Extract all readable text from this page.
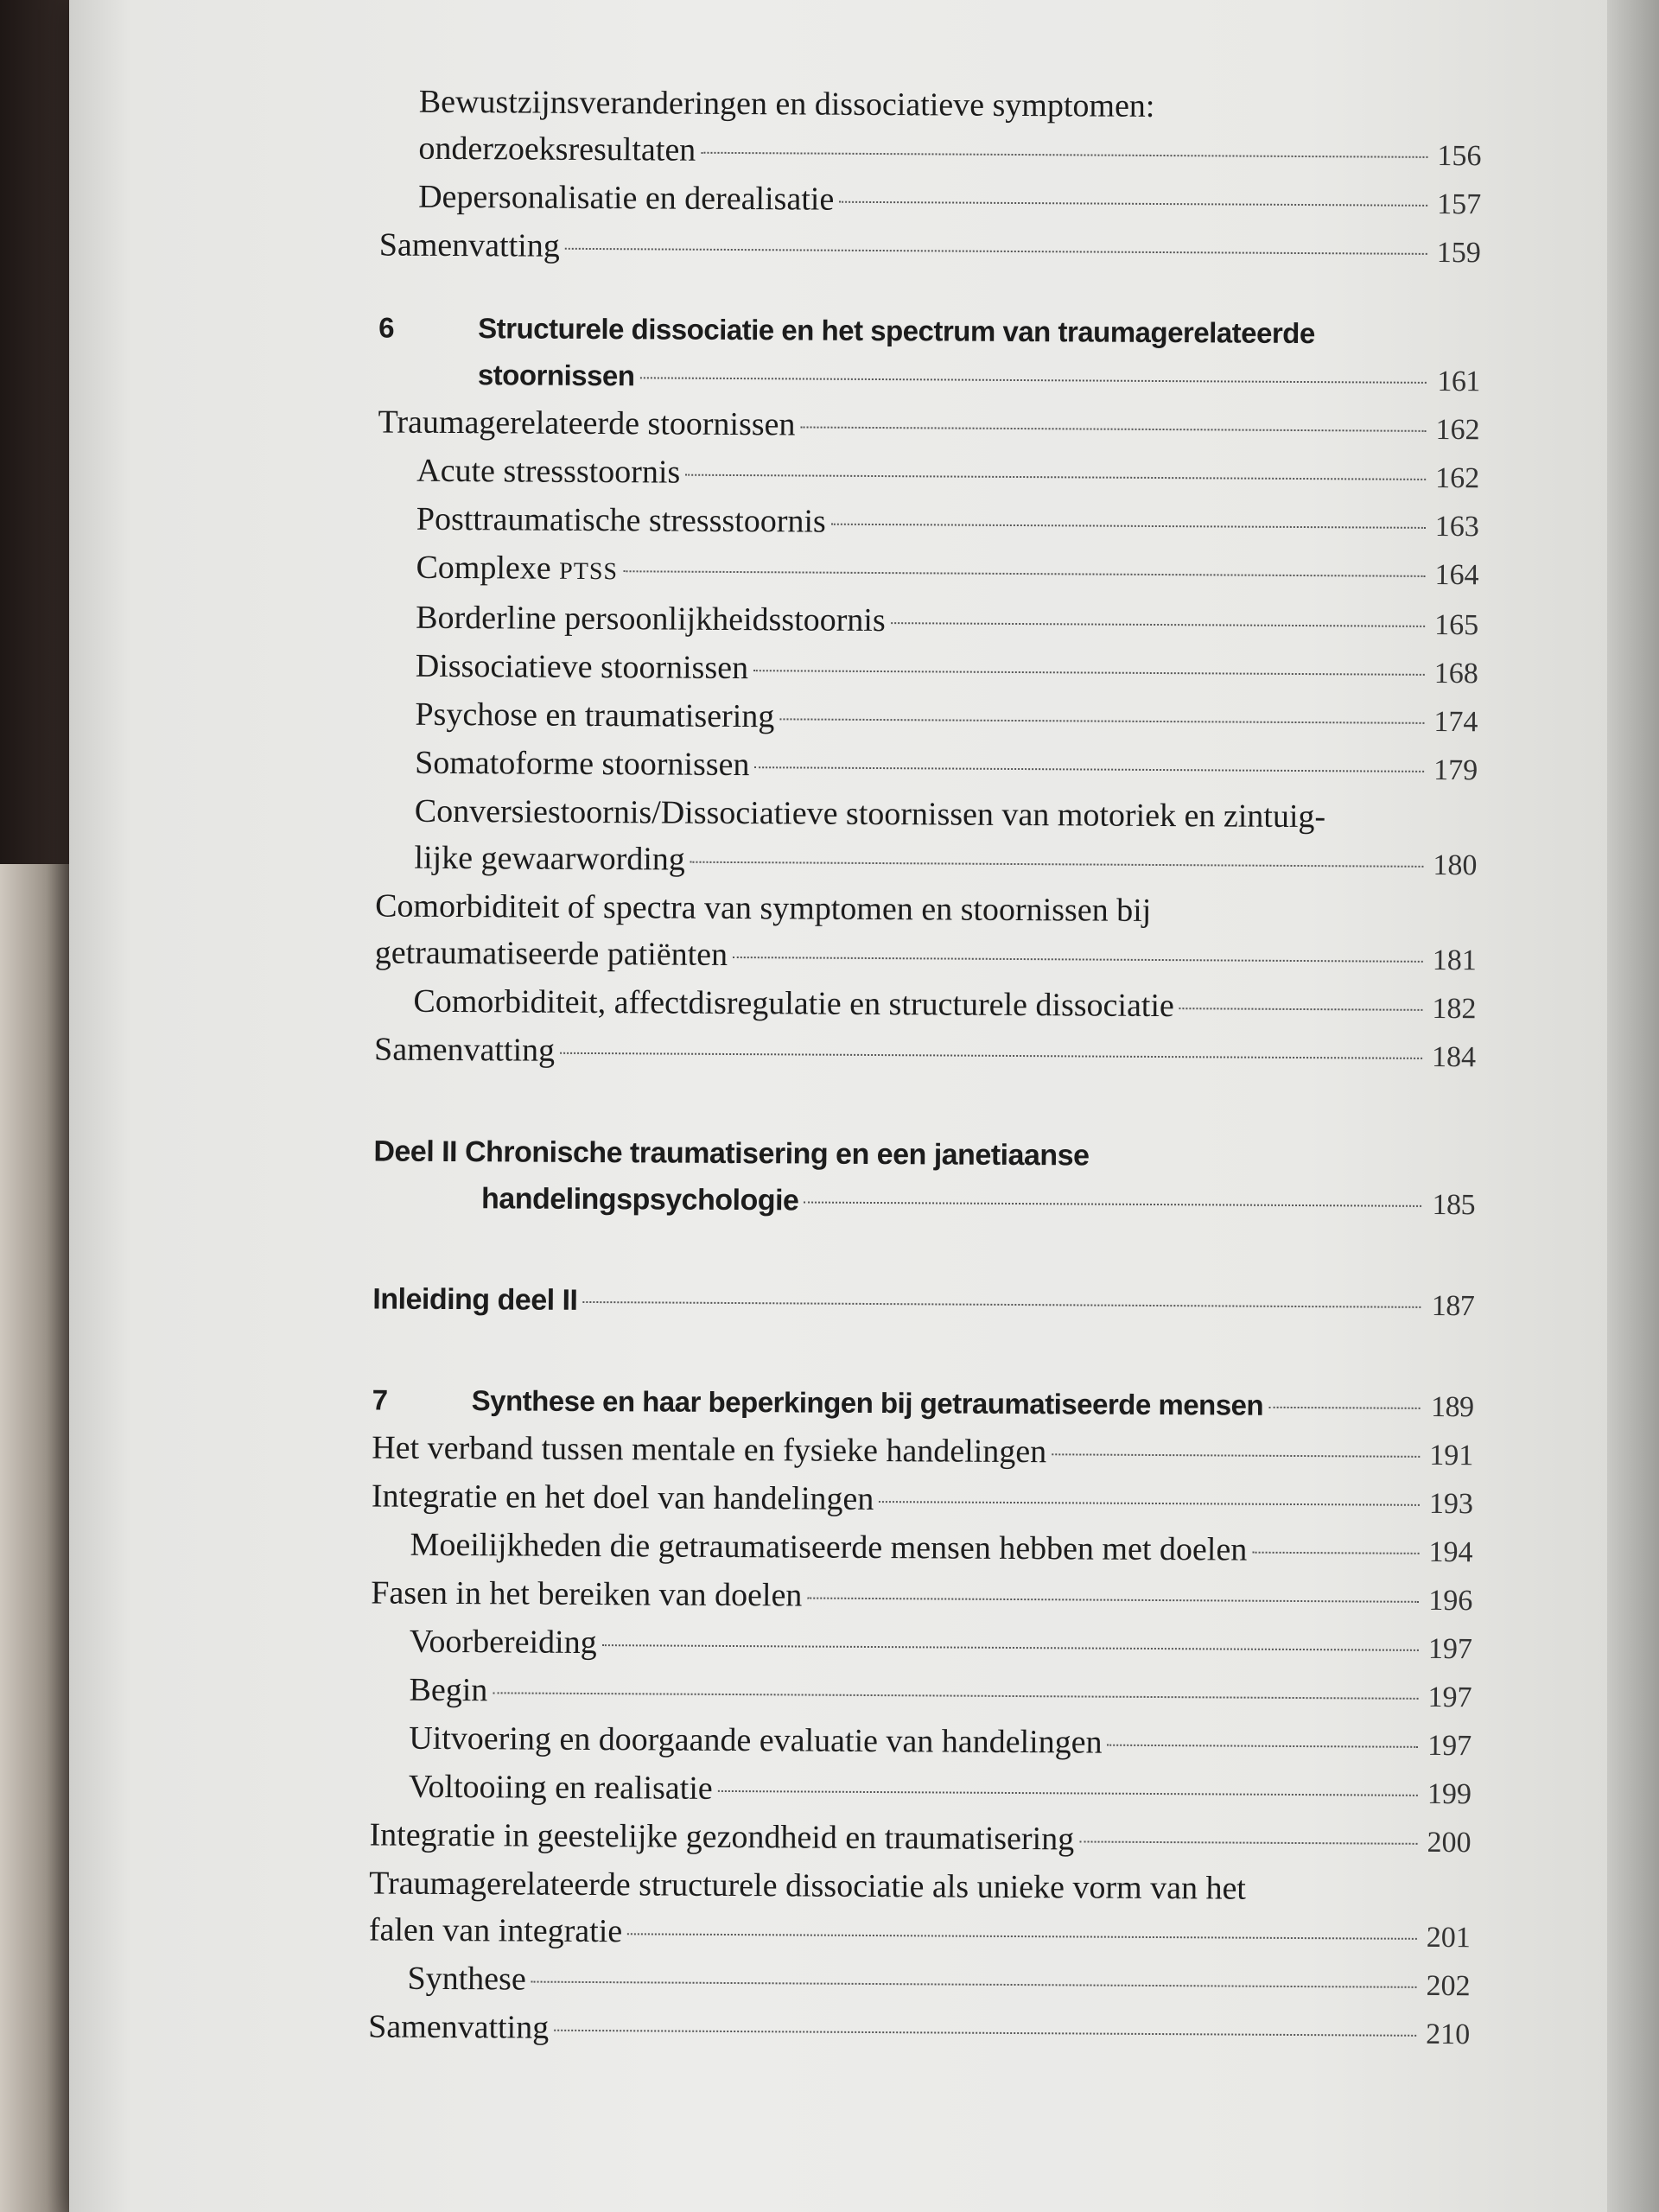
Bewustzijnsveranderingen en dissociatieve symptomen:
onderzoeksresultaten	156
Depersonalisatie en derealisatie	157
Samenvatting	159
6	Structurele dissociatie en het spectrum van traumagerelateerde
stoornissen	161
Traumagerelateerde stoornissen	162
Acute stressstoornis	162
Posttraumatische stressstoornis	163
Complexe PTSS	164
Borderline persoonlijkheidsstoornis	165
Dissociatieve stoornissen	168
Psychose en traumatisering	174
Somatoforme stoornissen	179
Conversiestoornis/Dissociatieve stoornissen van motoriek en zintuig-
lijke gewaarwording	180
Comorbiditeit of spectra van symptomen en stoornissen bij
getraumatiseerde patiënten	181
Comorbiditeit, affectdisregulatie en structurele dissociatie	182
Samenvatting	184
Deel II Chronische traumatisering en een janetiaanse
handelingspsychologie	185
Inleiding deel II	187
7	Synthese en haar beperkingen bij getraumatiseerde mensen	189
Het verband tussen mentale en fysieke handelingen	191
Integratie en het doel van handelingen	193
Moeilijkheden die getraumatiseerde mensen hebben met doelen	194
Fasen in het bereiken van doelen	196
Voorbereiding	197
Begin	197
Uitvoering en doorgaande evaluatie van handelingen	197
Voltooiing en realisatie	199
Integratie in geestelijke gezondheid en traumatisering	200
Traumagerelateerde structurele dissociatie als unieke vorm van het
falen van integratie	201
Synthese	202
Samenvatting	210
